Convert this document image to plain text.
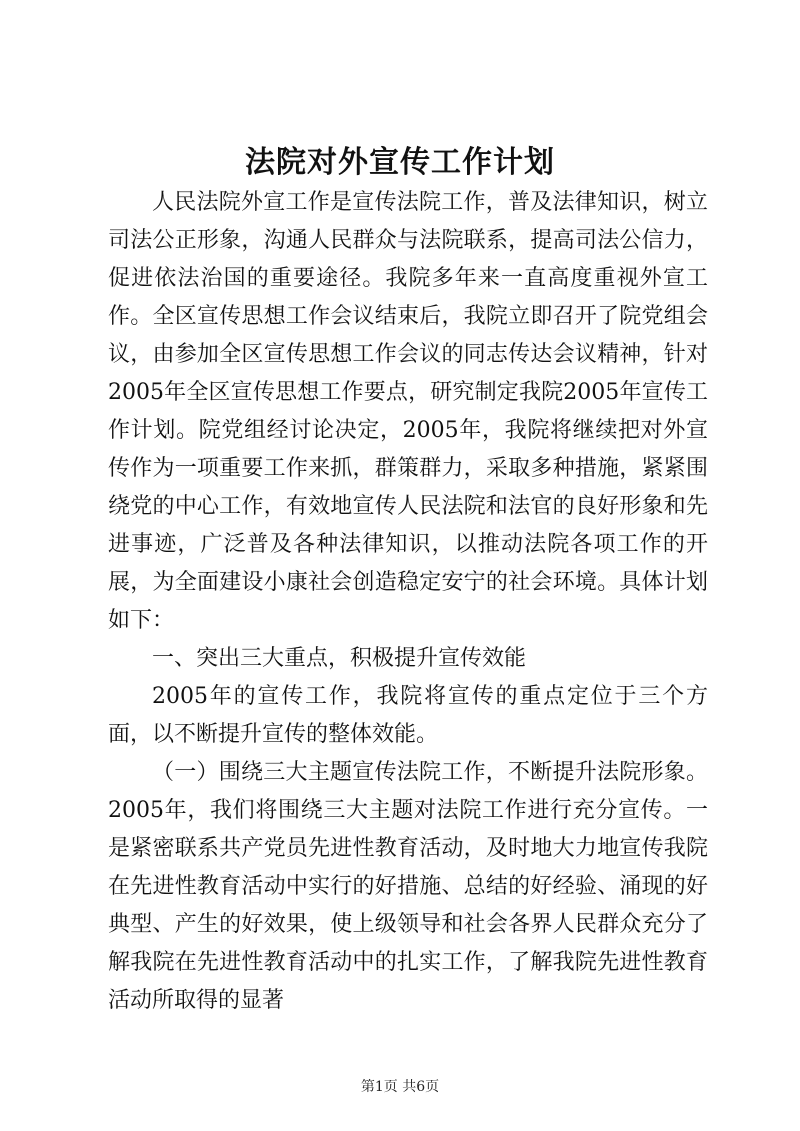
法院对外宣传工作计划

人民法院外宣工作是宣传法院工作，普及法律知识，树立司法公正形象，沟通人民群众与法院联系，提高司法公信力，促进依法治国的重要途径。我院多年来一直高度重视外宣工作。全区宣传思想工作会议结束后，我院立即召开了院党组会议，由参加全区宣传思想工作会议的同志传达会议精神，针对2005年全区宣传思想工作要点，研究制定我院2005年宣传工作计划。院党组经讨论决定，2005年，我院将继续把对外宣传作为一项重要工作来抓，群策群力，采取多种措施，紧紧围绕党的中心工作，有效地宣传人民法院和法官的良好形象和先进事迹，广泛普及各种法律知识，以推动法院各项工作的开展，为全面建设小康社会创造稳定安宁的社会环境。具体计划如下：

一、突出三大重点，积极提升宣传效能

2005年的宣传工作，我院将宣传的重点定位于三个方面，以不断提升宣传的整体效能。

（一）围绕三大主题宣传法院工作，不断提升法院形象。2005年，我们将围绕三大主题对法院工作进行充分宣传。一是紧密联系共产党员先进性教育活动，及时地大力地宣传我院在先进性教育活动中实行的好措施、总结的好经验、涌现的好典型、产生的好效果，使上级领导和社会各界人民群众充分了解我院在先进性教育活动中的扎实工作，了解我院先进性教育活动所取得的显著

第1页 共6页
